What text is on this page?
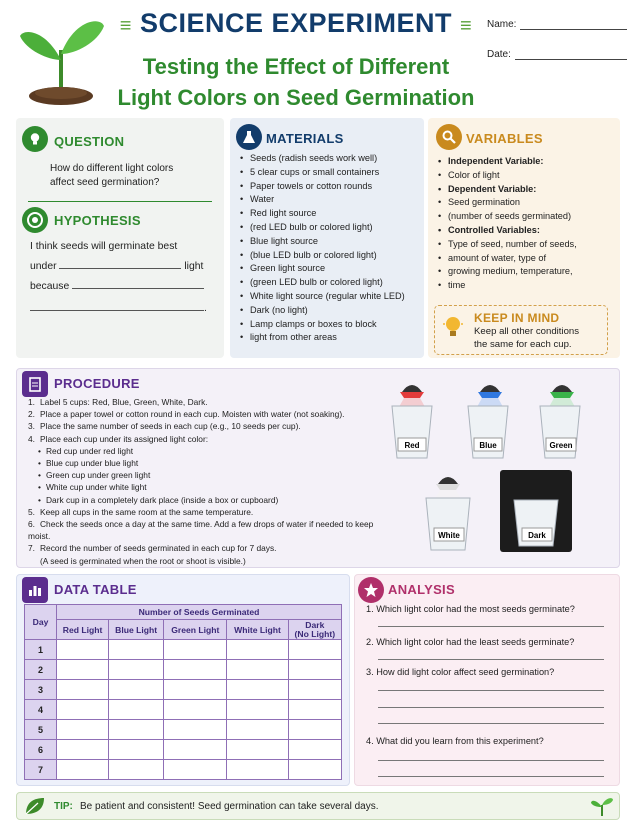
≡ SCIENCE EXPERIMENT ≡
Testing the Effect of Different
Light Colors on Seed Germination
Name:
Date:
QUESTION
How do different light colors
affect seed germination?
HYPOTHESIS
I think seeds will germinate best
under	light
because
.
MATERIALS
• Seeds (radish seeds work well)
• 5 clear cups or small containers
• Paper towels or cotton rounds
• Water
• Red light source
• (red LED bulb or colored light)
• Blue light source
• (blue LED bulb or colored light)
• Green light source
• (green LED bulb or colored light)
• White light source (regular white LED)
• Dark (no light)
• Lamp clamps or boxes to block
• light from other areas
VARIABLES
• Independent Variable:
• Color of light
• Dependent Variable:
• Seed germination
• (number of seeds germinated)
• Controlled Variables:
• Type of seed, number of seeds,
• amount of water, type of
• growing medium, temperature,
• time
KEEP IN MIND
Keep all other conditions
the same for each cup.
PROCEDURE
1. Label 5 cups: Red, Blue, Green, White, Dark.
2. Place a paper towel or cotton round in each cup. Moisten with water (not soaking).
3. Place the same number of seeds in each cup (e.g., 10 seeds per cup).
4. Place each cup under its assigned light color:
• Red cup under red light
• Blue cup under blue light
• Green cup under green light
• White cup under white light
• Dark cup in a completely dark place (inside a box or cupboard)
5. Keep all cups in the same room at the same temperature.
6. Check the seeds once a day at the same time. Add a few drops of water if needed to keep moist.
7. Record the number of seeds germinated in each cup for 7 days.
(A seed is germinated when the root or shoot is visible.)
Red	Blue	Green
White	Dark
DATA TABLE
Day	Number of Seeds Germinated				
	Red Light	Blue Light	Green Light	White Light	Dark
(No Light)
1					
2					
3					
4					
5					
6					
7					
ANALYSIS
1. Which light color had the most seeds germinate?
2. Which light color had the least seeds germinate?
3. How did light color affect seed germination?
4. What did you learn from this experiment?
TIP: Be patient and consistent! Seed germination can take several days.
